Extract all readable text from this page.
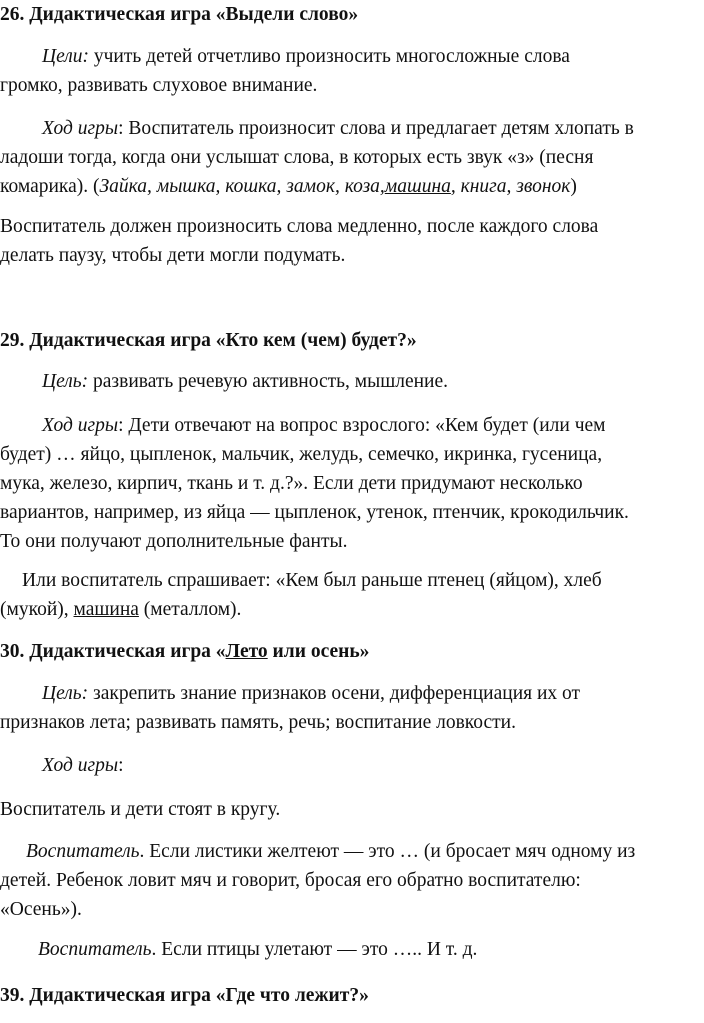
26. Дидактическая игра «Выдели слово»

Цели: учить детей отчетливо произносить многосложные слова
громко, развивать слуховое внимание.

Ход игры: Воспитатель произносит слова и предлагает детям хлопать в
ладоши тогда, когда они услышат слова, в которых есть звук «з» (песня
комарика). (Зайка, мышка, кошка, замок, коза,машина, книга, звонок)

Воспитатель должен произносить слова медленно, после каждого слова
делать паузу, чтобы дети могли подумать.

29. Дидактическая игра «Кто кем (чем) будет?»

Цель: развивать речевую активность, мышление.

Ход игры: Дети отвечают на вопрос взрослого: «Кем будет (или чем
будет) … яйцо, цыпленок, мальчик, желудь, семечко, икринка, гусеница,
мука, железо, кирпич, ткань и т. д.?». Если дети придумают несколько
вариантов, например, из яйца — цыпленок, утенок, птенчик, крокодильчик.
То они получают дополнительные фанты.

Или воспитатель спрашивает: «Кем был раньше птенец (яйцом), хлеб
(мукой), машина (металлом).

30. Дидактическая игра «Лето или осень»

Цель: закрепить знание признаков осени, дифференциация их от
признаков лета; развивать память, речь; воспитание ловкости.

Ход игры:

Воспитатель и дети стоят в кругу.

Воспитатель. Если листики желтеют — это … (и бросает мяч одному из
детей. Ребенок ловит мяч и говорит, бросая его обратно воспитателю:
«Осень»).

Воспитатель. Если птицы улетают — это ….. И т. д.

39. Дидактическая игра «Где что лежит?»
